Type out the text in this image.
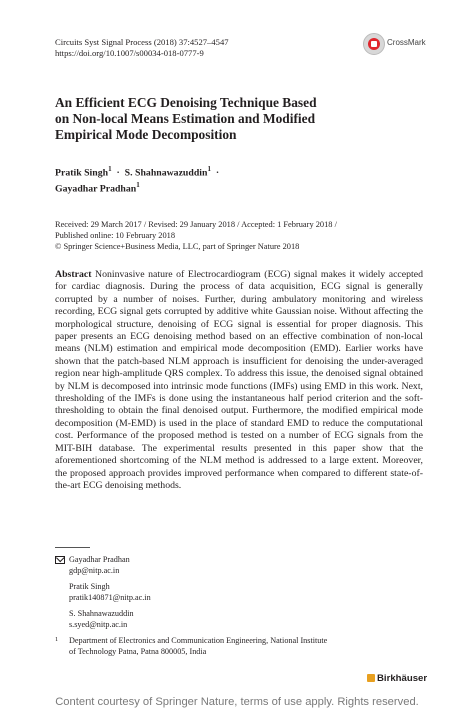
Circuits Syst Signal Process (2018) 37:4527–4547
https://doi.org/10.1007/s00034-018-0777-9
CrossMark
An Efficient ECG Denoising Technique Based
on Non-local Means Estimation and Modified
Empirical Mode Decomposition
Pratik Singh$^1$  ·  S. Shahnawazuddin$^1$  ·
Gayadhar Pradhan$^1$
Received: 29 March 2017 / Revised: 29 January 2018 / Accepted: 1 February 2018 /
Published online: 10 February 2018
© Springer Science+Business Media, LLC, part of Springer Nature 2018
Abstract Noninvasive nature of Electrocardiogram (ECG) signal makes it widely accepted for cardiac diagnosis. During the process of data acquisition, ECG signal is generally corrupted by a number of noises. Further, during ambulatory monitoring and wireless recording, ECG signal gets corrupted by additive white Gaussian noise. Without affecting the morphological structure, denoising of ECG signal is essential for proper diagnosis. This paper presents an ECG denoising method based on an effective combination of non-local means (NLM) estimation and empirical mode decomposition (EMD). Earlier works have shown that the patch-based NLM approach is insufficient for denoising the under-averaged region near high-amplitude QRS complex. To address this issue, the denoised signal obtained by NLM is decomposed into intrinsic mode functions (IMFs) using EMD in this work. Next, thresholding of the IMFs is done using the instantaneous half period criterion and the soft-thresholding to obtain the final denoised output. Furthermore, the modified empirical mode decomposition (M-EMD) is used in the place of standard EMD to reduce the computational cost. Performance of the proposed method is tested on a number of ECG signals from the MIT-BIH database. The experimental results presented in this paper show that the aforementioned shortcoming of the NLM method is addressed to a large extent. Moreover, the proposed approach provides improved performance when compared to different state-of-the-art ECG denoising methods.
Gayadhar Pradhan
gdp@nitp.ac.in
Pratik Singh
pratik140871@nitp.ac.in
S. Shahnawazuddin
s.syed@nitp.ac.in
1 Department of Electronics and Communication Engineering, National Institute
of Technology Patna, Patna 800005, India
Birkhäuser
Content courtesy of Springer Nature, terms of use apply. Rights reserved.
